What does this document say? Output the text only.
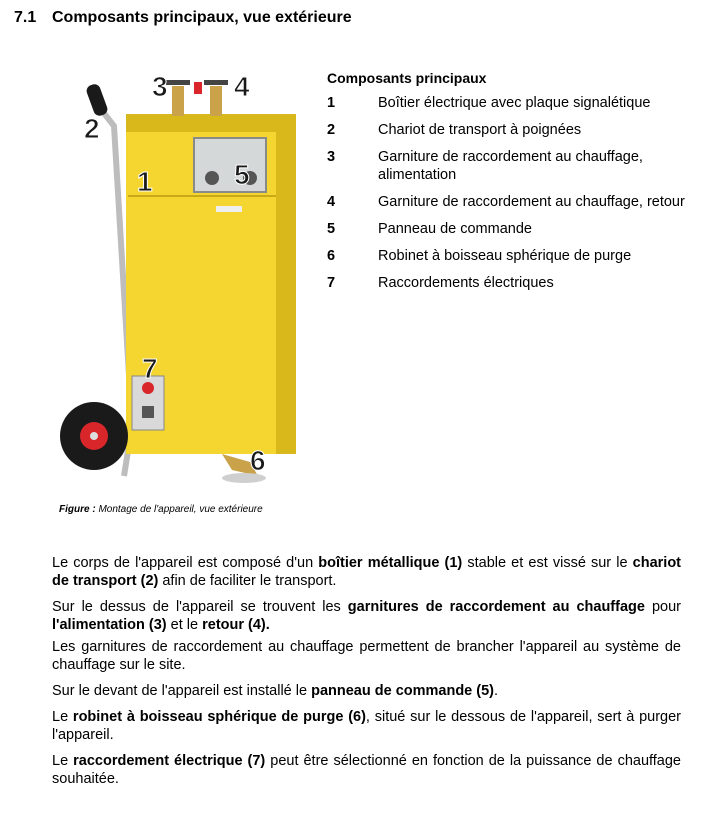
7.1 Composants principaux, vue extérieure
1
2
3 4
5
6
7
Figure : Montage de l'appareil, vue extérieure
Composants principaux
1	Boîtier électrique avec plaque signalétique
2	Chariot de transport à poignées
3	Garniture de raccordement au chauffage, alimentation
4	Garniture de raccordement au chauffage, retour
5	Panneau de commande
6	Robinet à boisseau sphérique de purge
7	Raccordements électriques

Le corps de l'appareil est composé d'un boîtier métallique (1) stable et est vissé sur le chariot de transport (2) afin de faciliter le transport.

Sur le dessus de l'appareil se trouvent les garnitures de raccordement au chauffage pour l'alimentation (3) et le retour (4).

Les garnitures de raccordement au chauffage permettent de brancher l'appareil au système de chauffage sur le site.

Sur le devant de l'appareil est installé le panneau de commande (5).

Le robinet à boisseau sphérique de purge (6), situé sur le dessous de l'appareil, sert à purger l'appareil.

Le raccordement électrique (7) peut être sélectionné en fonction de la puissance de chauffage souhaitée.
